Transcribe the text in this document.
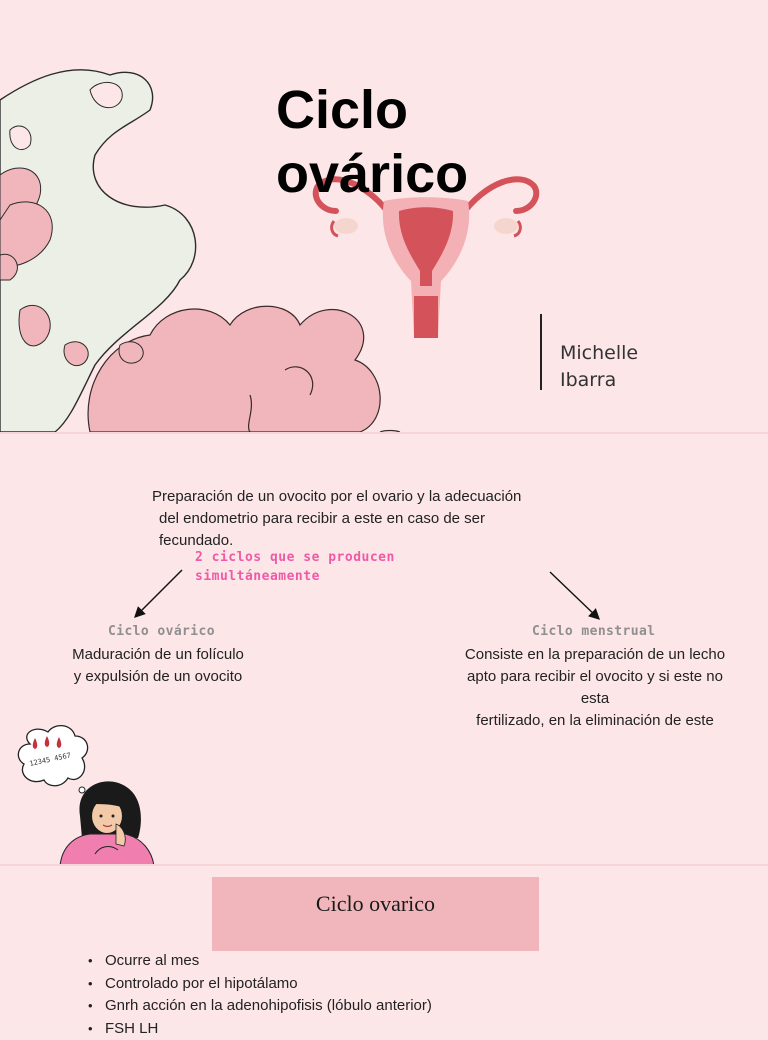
Ciclo
ovárico
Michelle
Ibarra
Preparación de un ovocito por el ovario y la adecuación
del endometrio para recibir a este en caso de ser
fecundado.
2 ciclos que se producen
simultáneamente
Ciclo ovárico
Maduración de un folículo
y expulsión de un ovocito
Ciclo menstrual
Consiste en la preparación de un lecho
apto para recibir el ovocito y si este no
esta
fertilizado, en la eliminación de este
12345 4567
Ciclo ovarico
• Ocurre al mes
• Controlado por el hipotálamo
• Gnrh acción en la adenohipofisis (lóbulo anterior)
• FSH LH
